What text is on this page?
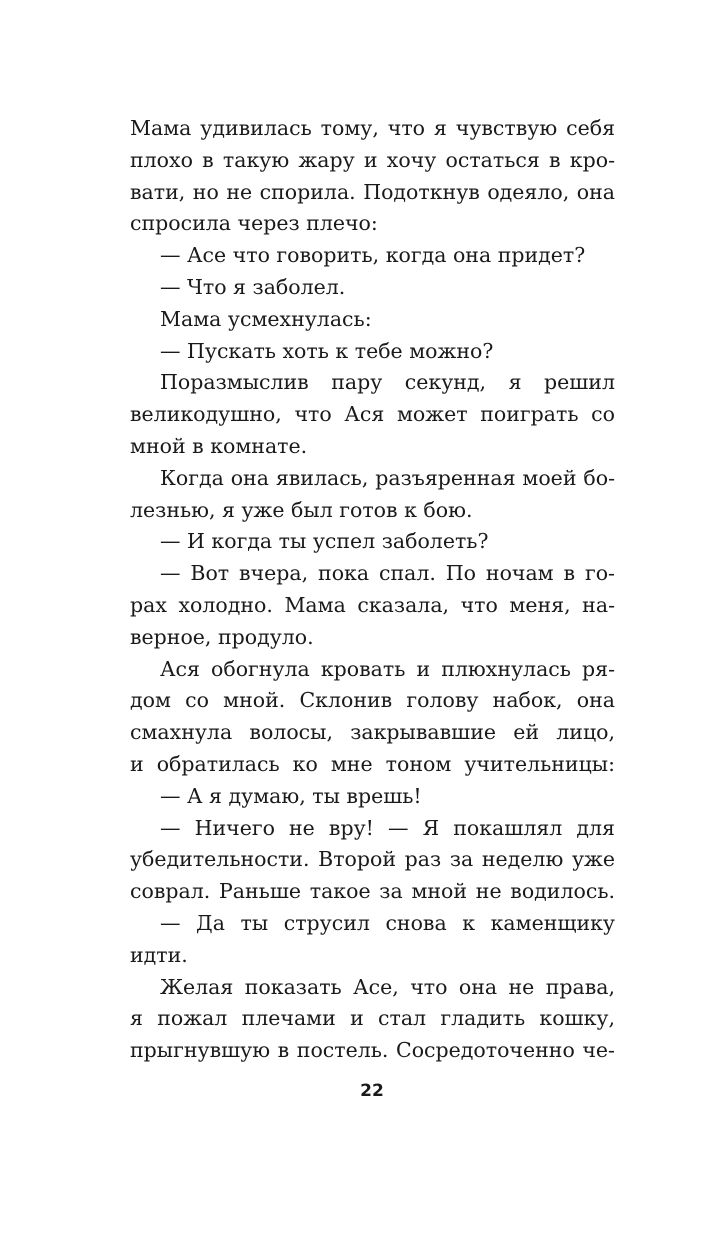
Мама удивилась тому, что я чувствую себя
плохо в такую жару и хочу остаться в кро-
вати, но не спорила. Подоткнув одеяло, она
спросила через плечо:
— Асе что говорить, когда она придет?
— Что я заболел.
Мама усмехнулась:
— Пускать хоть к тебе можно?
Поразмыслив пару секунд, я решил
великодушно, что Ася может поиграть со
мной в комнате.
Когда она явилась, разъяренная моей бо-
лезнью, я уже был готов к бою.
— И когда ты успел заболеть?
— Вот вчера, пока спал. По ночам в го-
рах холодно. Мама сказала, что меня, на-
верное, продуло.
Ася обогнула кровать и плюхнулась ря-
дом со мной. Склонив голову набок, она
смахнула волосы, закрывавшие ей лицо,
и обратилась ко мне тоном учительницы:
— А я думаю, ты врешь!
— Ничего не вру! — Я покашлял для
убедительности. Второй раз за неделю уже
соврал. Раньше такое за мной не водилось.
— Да ты струсил снова к каменщику
идти.
Желая показать Асе, что она не права,
я пожал плечами и стал гладить кошку,
прыгнувшую в постель. Сосредоточенно че-
22
